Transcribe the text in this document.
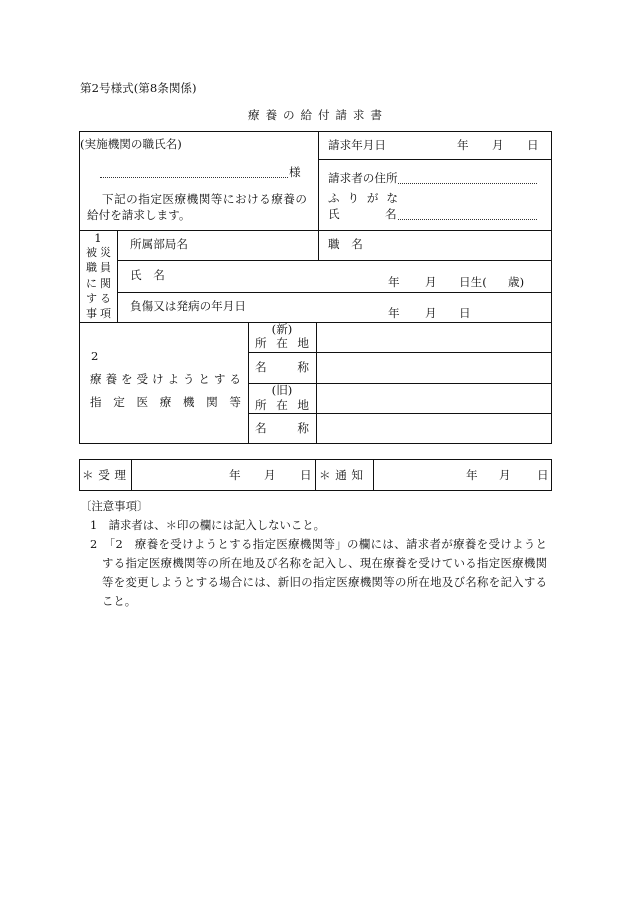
第2号様式(第8条関係)
療養の給付請求書
(実施機関の職氏名)
様
下記の指定医療機関等における療養の
給付を請求します。
請求年月日	年 月 日
請求者の住所
ふりがな
氏	名
1
被災
職員
に関
する
事項
所属部局名	職　名
氏　名	年 月 日生( 歳)
負傷又は発病の年月日	年 月 日
2
療養を受けようとする
指定医療機関等
(新)
所在地
名称
(旧)
所在地
名称
＊受理	年 月 日 ＊通知	年 月 日
〔注意事項〕
1　請求者は、＊印の欄には記入しないこと。
2　「2　療養を受けようとする指定医療機関等」の欄には、請求者が療養を受けようと
する指定医療機関等の所在地及び名称を記入し、現在療養を受けている指定医療機関
等を変更しようとする場合には、新旧の指定医療機関等の所在地及び名称を記入する
こと。
